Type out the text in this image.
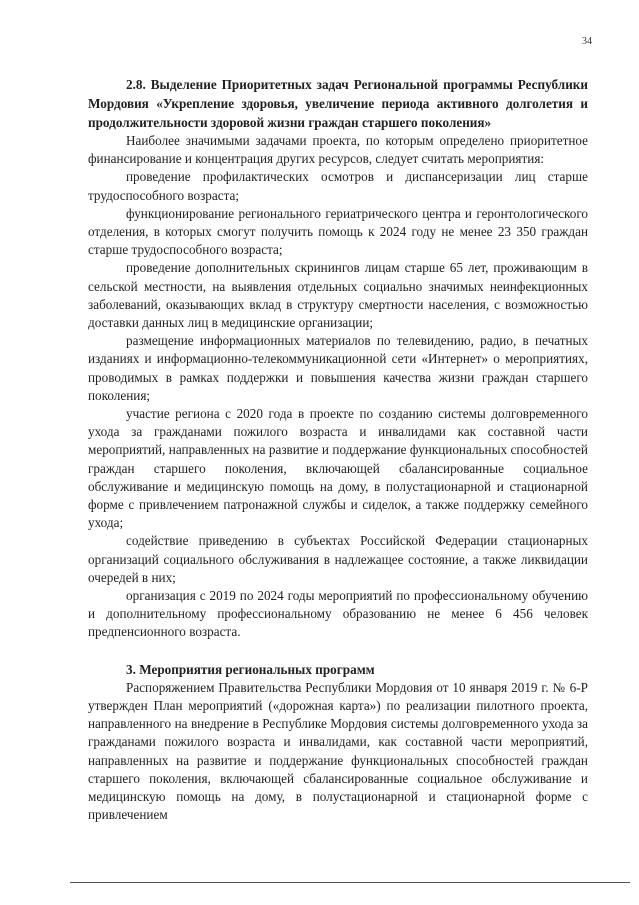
34

2.8. Выделение Приоритетных задач Региональной программы Республики Мордовия «Укрепление здоровья, увеличение периода активного долголетия и продолжительности здоровой жизни граждан старшего поколения»

Наиболее значимыми задачами проекта, по которым определено приоритетное финансирование и концентрация других ресурсов, следует считать мероприятия:

проведение профилактических осмотров и диспансеризации лиц старше трудоспособного возраста;

функционирование регионального гериатрического центра и геронтологического отделения, в которых смогут получить помощь к 2024 году не менее 23 350 граждан старше трудоспособного возраста;

проведение дополнительных скринингов лицам старше 65 лет, проживающим в сельской местности, на выявления отдельных социально значимых неинфекционных заболеваний, оказывающих вклад в структуру смертности населения, с возможностью доставки данных лиц в медицинские организации;

размещение информационных материалов по телевидению, радио, в печатных изданиях и информационно-телекоммуникационной сети «Интернет» о мероприятиях, проводимых в рамках поддержки и повышения качества жизни граждан старшего поколения;

участие региона с 2020 года в проекте по созданию системы долговременного ухода за гражданами пожилого возраста и инвалидами как составной части мероприятий, направленных на развитие и поддержание функциональных способностей граждан старшего поколения, включающей сбалансированные социальное обслуживание и медицинскую помощь на дому, в полустационарной и стационарной форме с привлечением патронажной службы и сиделок, а также поддержку семейного ухода;

содействие приведению в субъектах Российской Федерации стационарных организаций социального обслуживания в надлежащее состояние, а также ликвидации очередей в них;

организация с 2019 по 2024 годы мероприятий по профессиональному обучению и дополнительному профессиональному образованию не менее 6 456 человек предпенсионного возраста.

3. Мероприятия региональных программ

Распоряжением Правительства Республики Мордовия от 10 января 2019 г. № 6-Р утвержден План мероприятий («дорожная карта») по реализации пилотного проекта, направленного на внедрение в Республике Мордовия системы долговременного ухода за гражданами пожилого возраста и инвалидами, как составной части мероприятий, направленных на развитие и поддержание функциональных способностей граждан старшего поколения, включающей сбалансированные социальное обслуживание и медицинскую помощь на дому, в полустационарной и стационарной форме с привлечением
